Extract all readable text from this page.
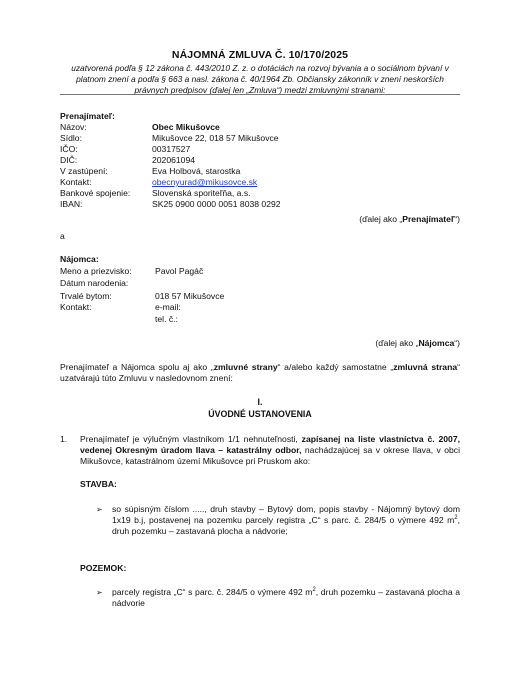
NÁJOMNÁ ZMLUVA Č. 10/170/2025
uzatvorená podľa § 12 zákona č. 443/2010 Z. z. o dotáciách na rozvoj bývania a o sociálnom bývaní v platnom znení a podľa § 663 a nasl. zákona č. 40/1964 Zb. Občiansky zákonník v znení neskorších právnych predpisov (ďalej len „Zmluva“) medzi zmluvnými stranami:
Prenajímateľ:
Názov:	Obec Mikušovce
Sídlo:	Mikušovce 22, 018 57 Mikušovce
IČO:	00317527
DIČ:	202061094
V zastúpení:	Eva Holbová, starostka
Kontakt:	obecnyurad@mikusovce.sk
Bankové spojenie:	Slovenská sporiteľňa, a.s.
IBAN:	SK25 0900 0000 0051 8038 0292
(ďalej ako „Prenajímateľ“)
a
Nájomca:
Meno a priezvisko:	Pavol Pagáč
Dátum narodenia:
Trvalé bytom:	018 57 Mikušovce
Kontakt:	e-mail:
tel. č.:
(ďalej ako „Nájomca“)
Prenajímateľ a Nájomca spolu aj ako „zmluvné strany“ a/alebo každý samostatne „zmluvná strana“ uzatvárajú túto Zmluvu v nasledovnom znení:
I.
ÚVODNÉ USTANOVENIA
1. Prenajímateľ je výlučným vlastníkom 1/1 nehnuteľnosti, zapísanej na liste vlastníctva č. 2007, vedenej Okresným úradom Ilava – katastrálny odbor, nachádzajúcej sa v okrese Ilava, v obci Mikušovce, katastrálnom území Mikušovce pri Pruskom ako:
STAVBA:
➢ so súpisným číslom ....., druh stavby – Bytový dom, popis stavby - Nájomný bytový dom 1x19 b.j, postavenej na pozemku parcely registra „C“ s parc. č. 284/5 o výmere 492 $m^2$, druh pozemku – zastavaná plocha a nádvorie;
POZEMOK:
➢ parcely registra „C“ s parc. č. 284/5 o výmere 492 $m^2$, druh pozemku – zastavaná plocha a nádvorie
